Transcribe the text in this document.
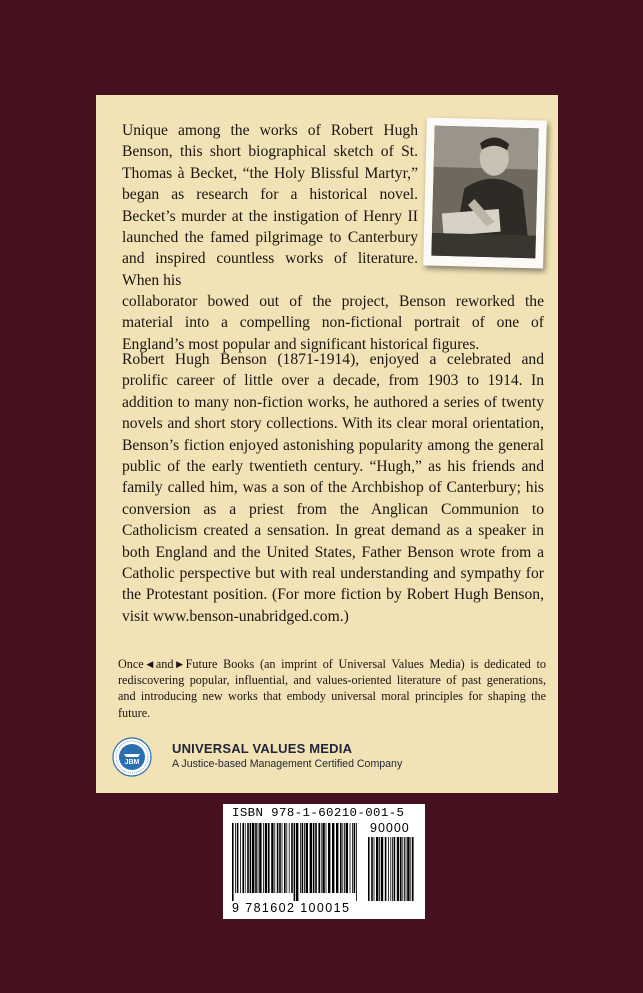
Unique among the works of Robert Hugh Benson, this short biographical sketch of St. Thomas à Becket, “the Holy Blissful Martyr,” began as research for a historical novel. Becket’s murder at the instigation of Henry II launched the famed pilgrimage to Canterbury and inspired countless works of literature. When his

collaborator bowed out of the project, Benson reworked the material into a compelling non-fictional portrait of one of England’s most popular and significant historical figures.

Robert Hugh Benson (1871-1914), enjoyed a celebrated and prolific career of little over a decade, from 1903 to 1914. In addition to many non-fiction works, he authored a series of twenty novels and short story collections. With its clear moral orientation, Benson’s fiction enjoyed astonishing popularity among the general public of the early twentieth century. “Hugh,” as his friends and family called him, was a son of the Archbishop of Canterbury; his conversion as a priest from the Anglican Communion to Catholicism created a sensation. In great demand as a speaker in both England and the United States, Father Benson wrote from a Catholic perspective but with real understanding and sympathy for the Protestant position. (For more fiction by Robert Hugh Benson, visit www.benson-unabridged.com.)

Once◀and▶Future Books (an imprint of Universal Values Media) is dedicated to rediscovering popular, influential, and values-oriented literature of past generations, and introducing new works that embody universal moral principles for shaping the future.

JBM

UNIVERSAL VALUES MEDIA

A Justice-based Management Certified Company

ISBN 978-1-60210-001-5

90000

9 781602 100015
